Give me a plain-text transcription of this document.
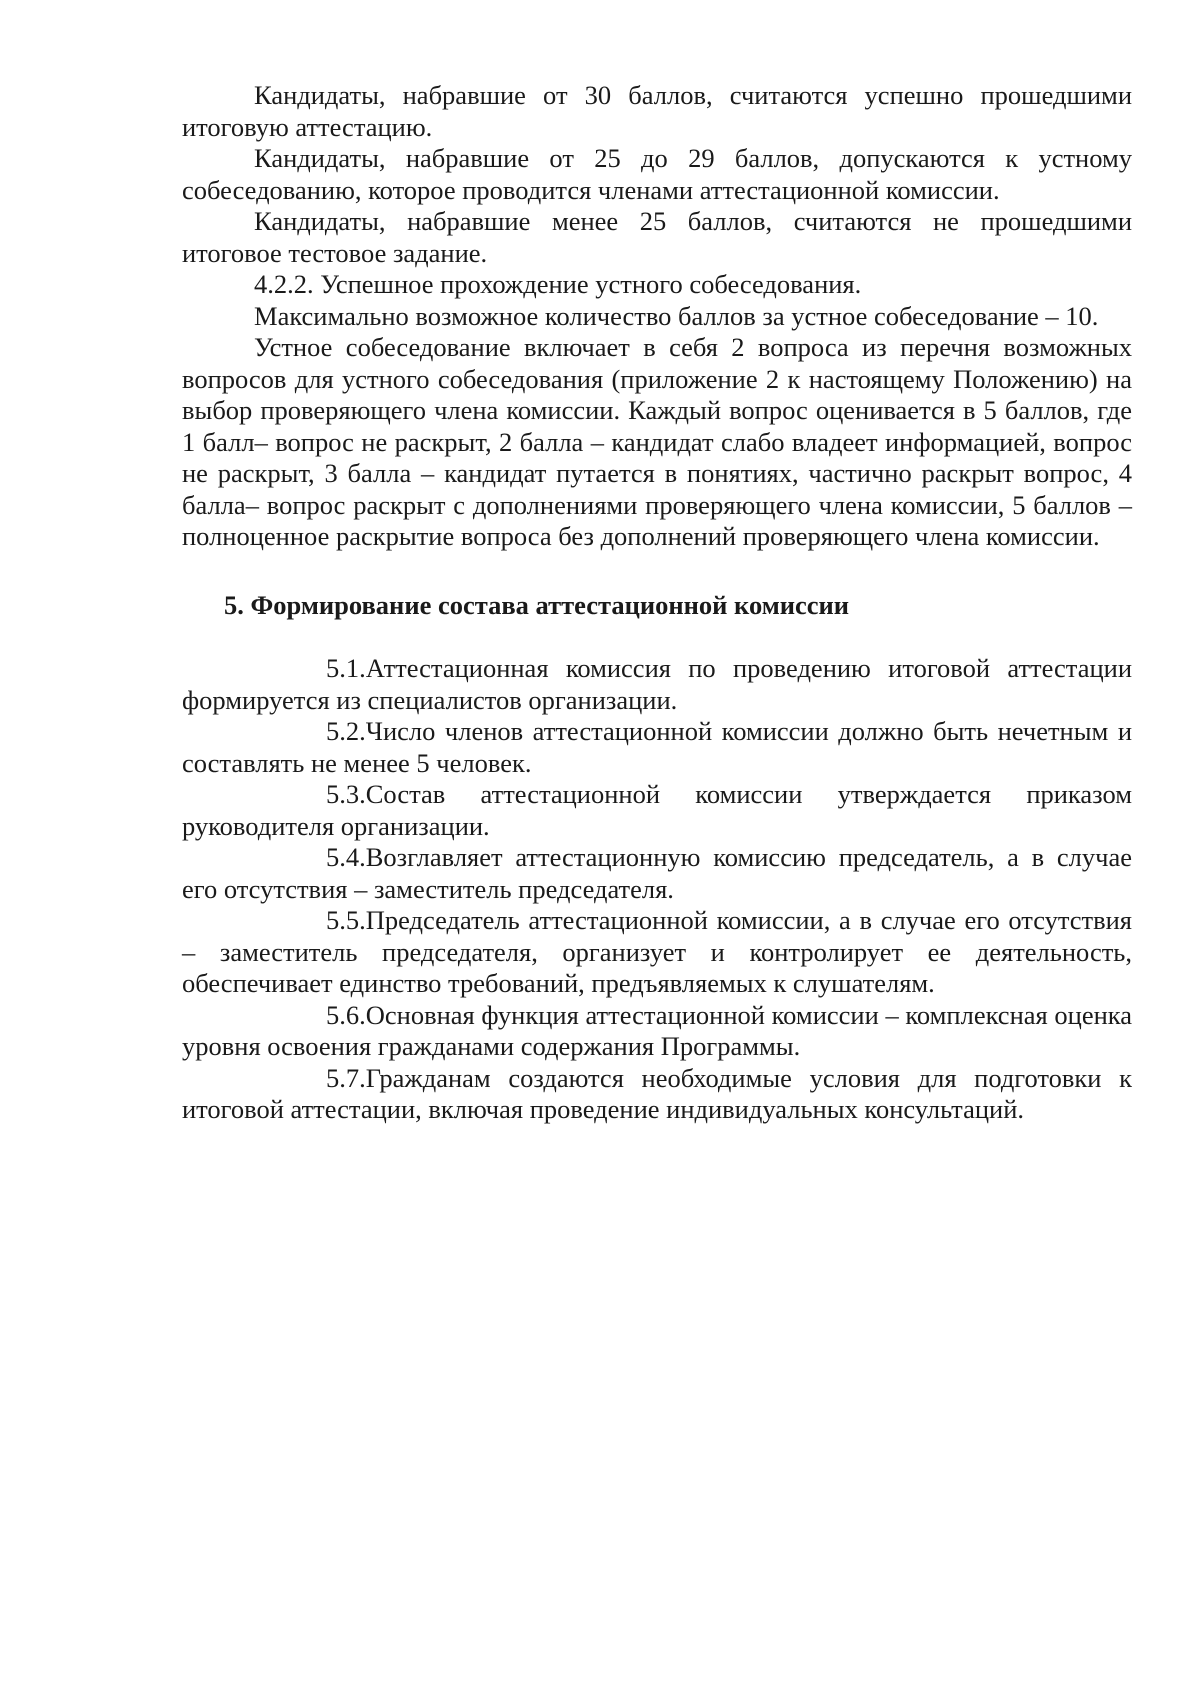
Кандидаты, набравшие от 30 баллов, считаются успешно прошедшими итоговую аттестацию.

Кандидаты, набравшие от 25 до 29 баллов, допускаются к устному собеседованию, которое проводится членами аттестационной комиссии.

Кандидаты, набравшие менее 25 баллов, считаются не прошедшими итоговое тестовое задание.

4.2.2. Успешное прохождение устного собеседования.

Максимально возможное количество баллов за устное собеседование – 10.

Устное собеседование включает в себя 2 вопроса из перечня возможных вопросов для устного собеседования (приложение 2 к настоящему Положению) на выбор проверяющего члена комиссии. Каждый вопрос оценивается в 5 баллов, где 1 балл– вопрос не раскрыт, 2 балла – кандидат слабо владеет информацией, вопрос не раскрыт, 3 балла – кандидат путается в понятиях, частично раскрыт вопрос, 4 балла– вопрос раскрыт с дополнениями проверяющего члена комиссии, 5 баллов – полноценное раскрытие вопроса без дополнений проверяющего члена комиссии.

5. Формирование состава аттестационной комиссии

5.1.Аттестационная комиссия по проведению итоговой аттестации формируется из специалистов организации.

5.2.Число членов аттестационной комиссии должно быть нечетным и составлять не менее 5 человек.

5.3.Состав аттестационной комиссии утверждается приказом руководителя организации.

5.4.Возглавляет аттестационную комиссию председатель, а в случае его отсутствия – заместитель председателя.

5.5.Председатель аттестационной комиссии, а в случае его отсутствия – заместитель председателя, организует и контролирует ее деятельность, обеспечивает единство требований, предъявляемых к слушателям.

5.6.Основная функция аттестационной комиссии – комплексная оценка уровня освоения гражданами содержания Программы.

5.7.Гражданам создаются необходимые условия для подготовки к итоговой аттестации, включая проведение индивидуальных консультаций.
